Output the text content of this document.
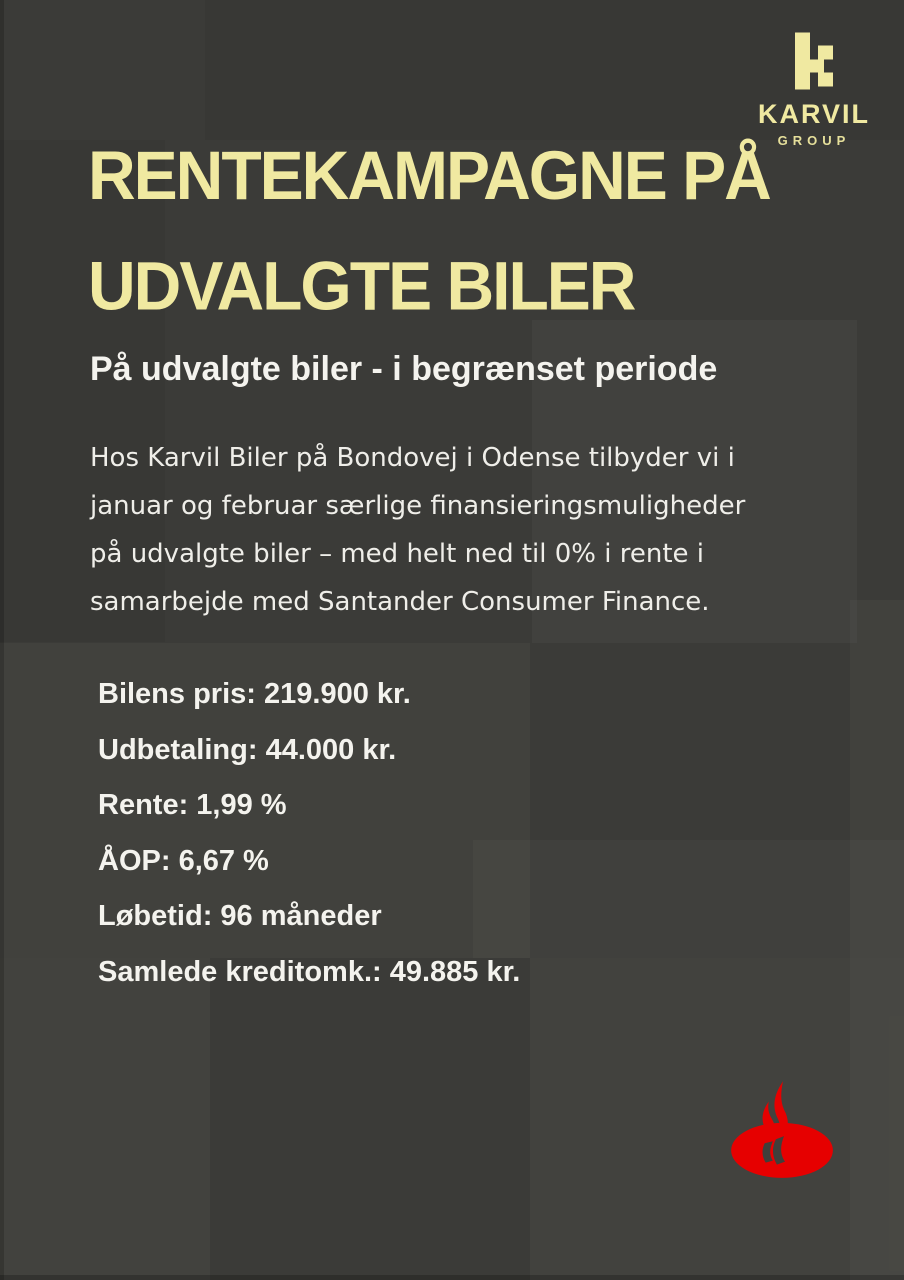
KARVIL
GROUP
RENTEKAMPAGNE PÅ
UDVALGTE BILER
På udvalgte biler - i begrænset periode
Hos Karvil Biler på Bondovej i Odense tilbyder vi i
januar og februar særlige finansieringsmuligheder
på udvalgte biler – med helt ned til 0% i rente i
samarbejde med Santander Consumer Finance.
Bilens pris: 219.900 kr.
Udbetaling: 44.000 kr.
Rente: 1,99 %
ÅOP: 6,67 %
Løbetid: 96 måneder
Samlede kreditomk.: 49.885 kr.
